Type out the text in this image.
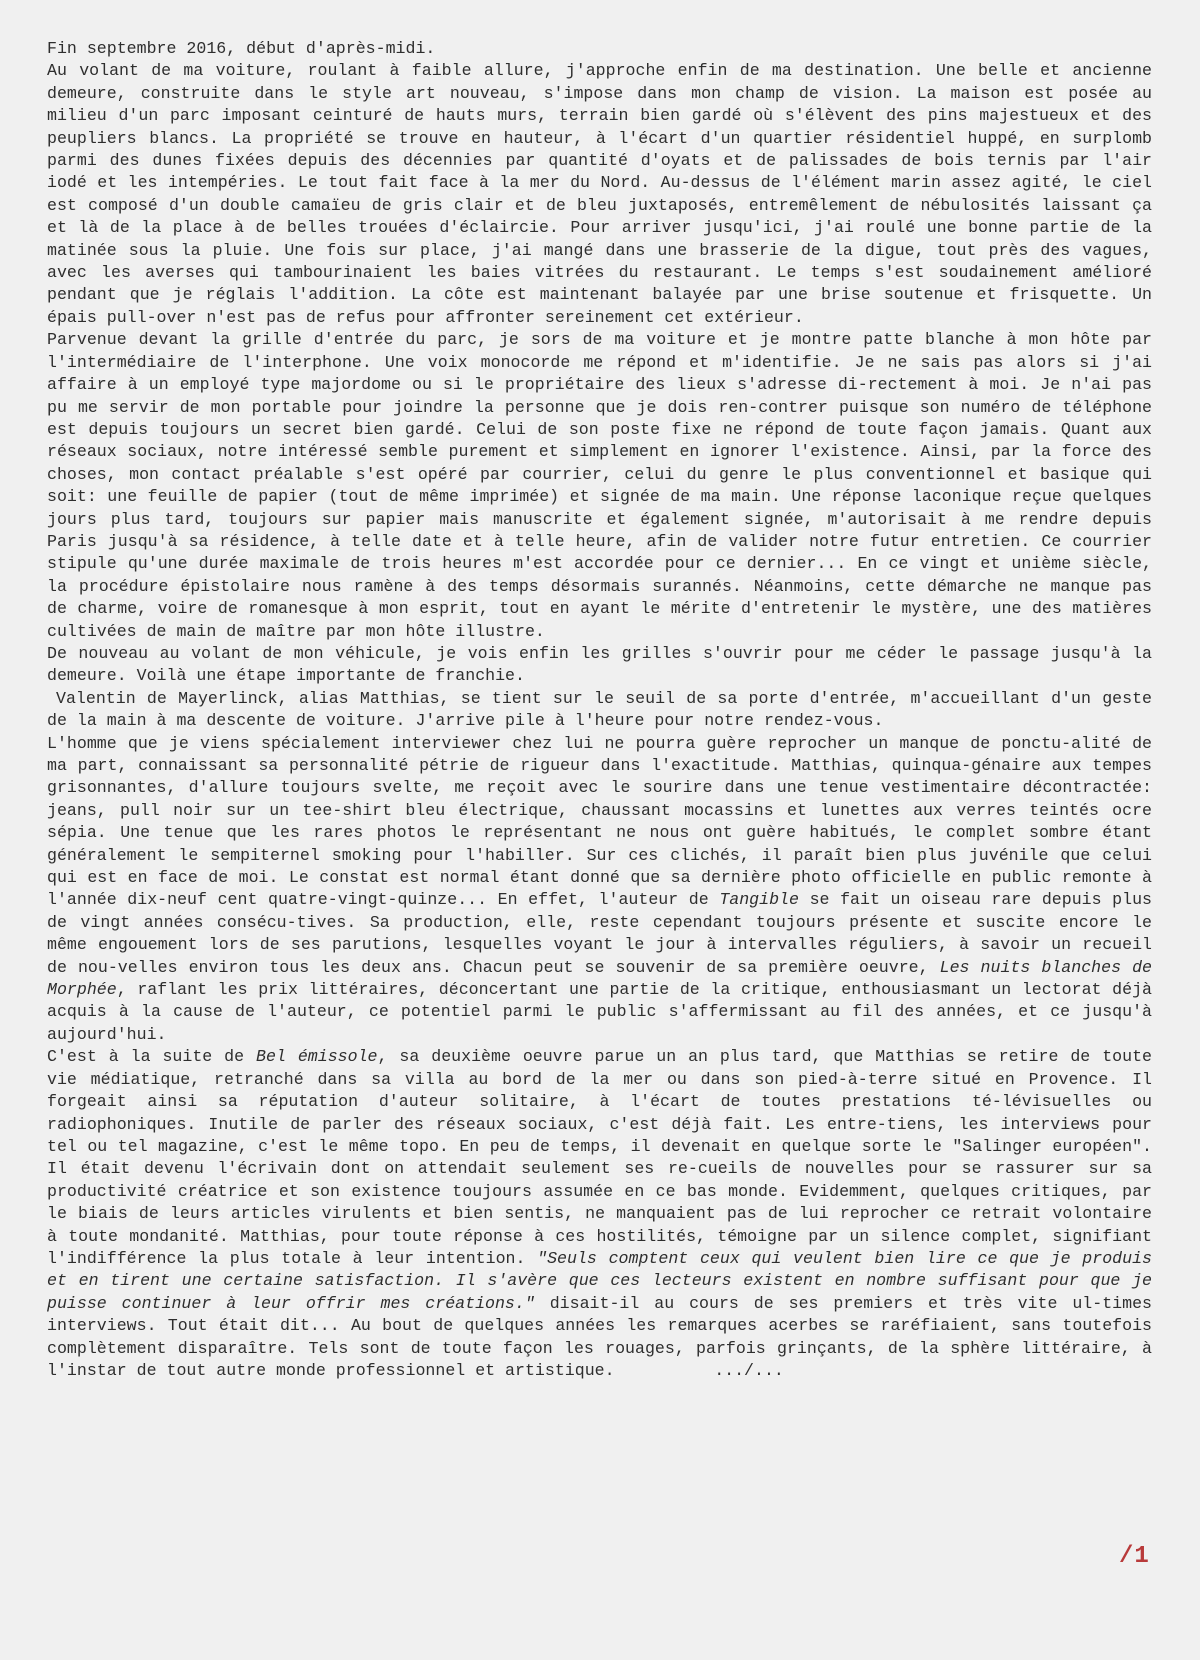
Fin septembre 2016, début d'après-midi.

Au volant de ma voiture, roulant à faible allure, j'approche enfin de ma destination. Une belle et ancienne demeure, construite dans le style art nouveau, s'impose dans mon champ de vision. La maison est posée au milieu d'un parc imposant ceinturé de hauts murs, terrain bien gardé où s'élèvent des pins majestueux et des peupliers blancs. La propriété se trouve en hauteur, à l'écart d'un quartier résidentiel huppé, en surplomb parmi des dunes fixées depuis des décennies par quantité d'oyats et de palissades de bois ternis par l'air iodé et les intempéries. Le tout fait face à la mer du Nord. Au-dessus de l'élément marin assez agité, le ciel est composé d'un double camaïeu de gris clair et de bleu juxtaposés, entremêlement de nébulosités laissant ça et là de la place à de belles trouées d'éclaircie. Pour arriver jusqu'ici, j'ai roulé une bonne partie de la matinée sous la pluie. Une fois sur place, j'ai mangé dans une brasserie de la digue, tout près des vagues, avec les averses qui tambourinaient les baies vitrées du restaurant. Le temps s'est soudainement amélioré pendant que je réglais l'addition. La côte est maintenant balayée par une brise soutenue et frisquette. Un épais pull-over n'est pas de refus pour affronter sereinement cet extérieur.

Parvenue devant la grille d'entrée du parc, je sors de ma voiture et je montre patte blanche à mon hôte par l'intermédiaire de l'interphone. Une voix monocorde me répond et m'identifie. Je ne sais pas alors si j'ai affaire à un employé type majordome ou si le propriétaire des lieux s'adresse di-rectement à moi. Je n'ai pas pu me servir de mon portable pour joindre la personne que je dois ren-contrer puisque son numéro de téléphone est depuis toujours un secret bien gardé. Celui de son poste fixe ne répond de toute façon jamais. Quant aux réseaux sociaux, notre intéressé semble purement et simplement en ignorer l'existence. Ainsi, par la force des choses, mon contact préalable s'est opéré par courrier, celui du genre le plus conventionnel et basique qui soit: une feuille de papier (tout de même imprimée) et signée de ma main. Une réponse laconique reçue quelques jours plus tard, toujours sur papier mais manuscrite et également signée, m'autorisait à me rendre depuis Paris jusqu'à sa résidence, à telle date et à telle heure, afin de valider notre futur entretien. Ce courrier stipule qu'une durée maximale de trois heures m'est accordée pour ce dernier... En ce vingt et unième siècle, la procédure épistolaire nous ramène à des temps désormais surannés. Néanmoins, cette démarche ne manque pas de charme, voire de romanesque à mon esprit, tout en ayant le mérite d'entretenir le mystère, une des matières cultivées de main de maître par mon hôte illustre.

De nouveau au volant de mon véhicule, je vois enfin les grilles s'ouvrir pour me céder le passage jusqu'à la demeure. Voilà une étape importante de franchie.

Valentin de Mayerlinck, alias Matthias, se tient sur le seuil de sa porte d'entrée, m'accueillant d'un geste de la main à ma descente de voiture. J'arrive pile à l'heure pour notre rendez-vous.

L'homme que je viens spécialement interviewer chez lui ne pourra guère reprocher un manque de ponctu-alité de ma part, connaissant sa personnalité pétrie de rigueur dans l'exactitude. Matthias, quinqua-génaire aux tempes grisonnantes, d'allure toujours svelte, me reçoit avec le sourire dans une tenue vestimentaire décontractée: jeans, pull noir sur un tee-shirt bleu électrique, chaussant mocassins et lunettes aux verres teintés ocre sépia. Une tenue que les rares photos le représentant ne nous ont guère habitués, le complet sombre étant généralement le sempiternel smoking pour l'habiller. Sur ces clichés, il paraît bien plus juvénile que celui qui est en face de moi. Le constat est normal étant donné que sa dernière photo officielle en public remonte à l'année dix-neuf cent quatre-vingt-quinze... En effet, l'auteur de Tangible se fait un oiseau rare depuis plus de vingt années consécu-tives. Sa production, elle, reste cependant toujours présente et suscite encore le même engouement lors de ses parutions, lesquelles voyant le jour à intervalles réguliers, à savoir un recueil de nou-velles environ tous les deux ans. Chacun peut se souvenir de sa première oeuvre, Les nuits blanches de Morphée, raflant les prix littéraires, déconcertant une partie de la critique, enthousiasmant un lectorat déjà acquis à la cause de l'auteur, ce potentiel parmi le public s'affermissant au fil des années, et ce jusqu'à aujourd'hui.

C'est à la suite de Bel émissole, sa deuxième oeuvre parue un an plus tard, que Matthias se retire de toute vie médiatique, retranché dans sa villa au bord de la mer ou dans son pied-à-terre situé en Provence. Il forgeait ainsi sa réputation d'auteur solitaire, à l'écart de toutes prestations té-lévisuelles ou radiophoniques. Inutile de parler des réseaux sociaux, c'est déjà fait. Les entre-tiens, les interviews pour tel ou tel magazine, c'est le même topo. En peu de temps, il devenait en quelque sorte le "Salinger européen". Il était devenu l'écrivain dont on attendait seulement ses re-cueils de nouvelles pour se rassurer sur sa productivité créatrice et son existence toujours assumée en ce bas monde. Evidemment, quelques critiques, par le biais de leurs articles virulents et bien sentis, ne manquaient pas de lui reprocher ce retrait volontaire à toute mondanité. Matthias, pour toute réponse à ces hostilités, témoigne par un silence complet, signifiant l'indifférence la plus totale à leur intention. "Seuls comptent ceux qui veulent bien lire ce que je produis et en tirent une certaine satisfaction. Il s'avère que ces lecteurs existent en nombre suffisant pour que je puisse continuer à leur offrir mes créations." disait-il au cours de ses premiers et très vite ul-times interviews. Tout était dit... Au bout de quelques années les remarques acerbes se raréfiaient, sans toutefois complètement disparaître. Tels sont de toute façon les rouages, parfois grinçants, de la sphère littéraire, à l'instar de tout autre monde professionnel et artistique.          .../...

/1
